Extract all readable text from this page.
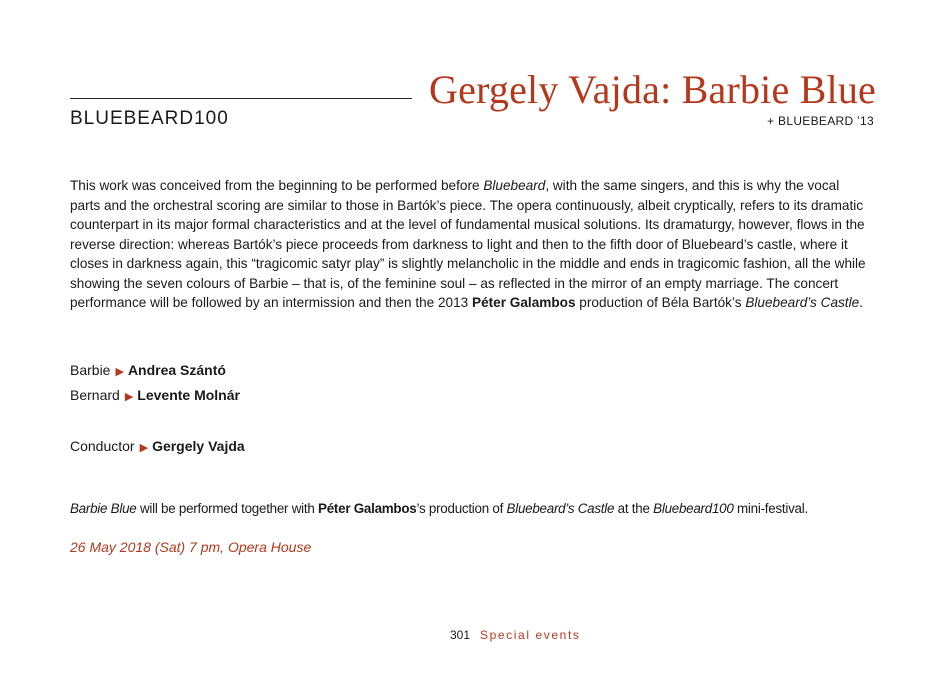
Gergely Vajda: Barbie Blue
BLUEBEARD100	+ BLUEBEARD ’13

This work was conceived from the beginning to be performed before Bluebeard, with the same singers, and this is why the vocal parts and the orchestral scoring are similar to those in Bartók’s piece. The opera continuously, albeit cryptically, refers to its dramatic counterpart in its major formal characteristics and at the level of fundamental musical solutions. Its dramaturgy, however, flows in the reverse direction: whereas Bartók’s piece proceeds from darkness to light and then to the fifth door of Bluebeard’s castle, where it closes in darkness again, this “tragicomic satyr play” is slightly melancholic in the middle and ends in tragicomic fashion, all the while showing the seven colours of Barbie – that is, of the feminine soul – as reflected in the mirror of an empty marriage. The concert performance will be followed by an intermission and then the 2013 Péter Galambos production of Béla Bartók’s Bluebeard’s Castle.

Barbie ▶ Andrea Szántó
Bernard ▶ Levente Molnár
Conductor ▶ Gergely Vajda
Barbie Blue will be performed together with Péter Galambos’s production of Bluebeard’s Castle at the Bluebeard100 mini-festival.
26 May 2018 (Sat) 7 pm, Opera House
301 Special events
